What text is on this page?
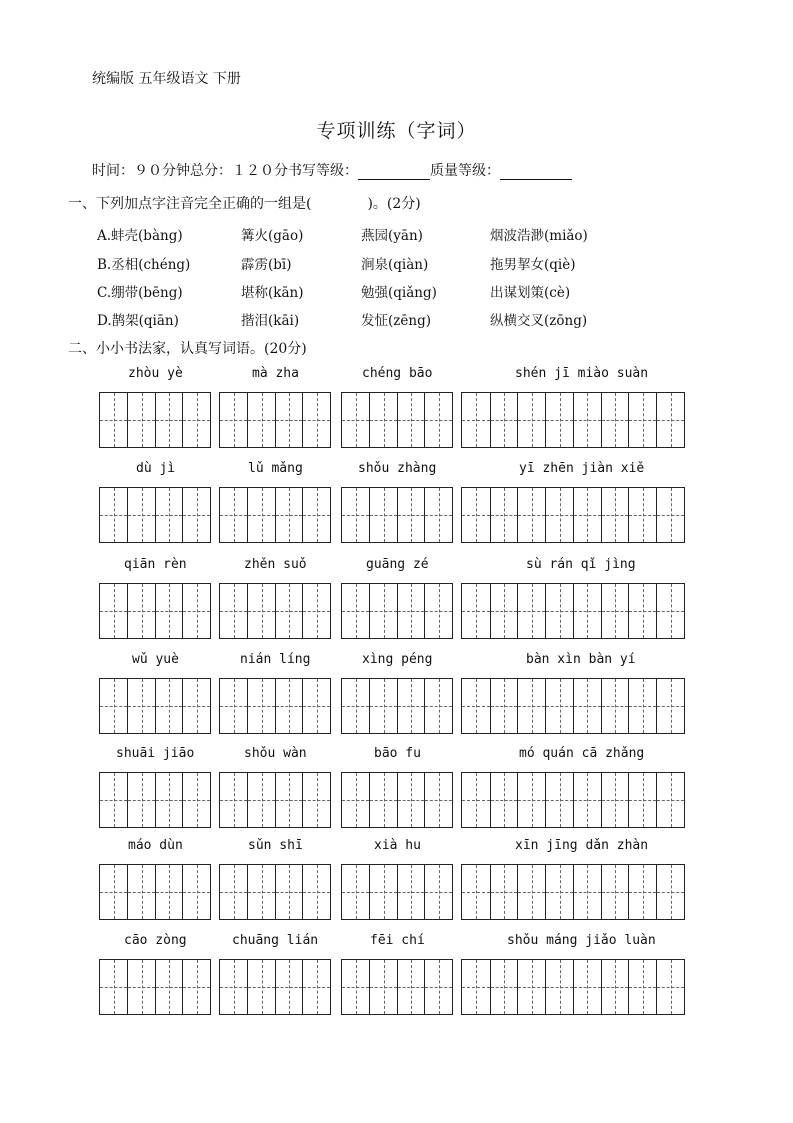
统编版 五年级语文 下册
专项训练（字词）
时间：９０分钟总分：１２０分书写等级：	质量等级：
一、下列加点字注音完全正确的一组是(　　　　)。(2分)
A.蚌壳(bàng)	篝火(gāo)	燕园(yān)	烟波浩渺(miǎo)
B.丞相(chéng)	霹雳(bī)	涧泉(qiàn)	拖男挈女(qiè)
C.绷带(bēng)	堪称(kān)	勉强(qiǎng)	出谋划策(cè)
D.鹊架(qiān)	揩泪(kāi)	发怔(zēng)	纵横交叉(zōng)
二、小小书法家，认真写词语。(20分)
zhòu yè	mà zha	chéng bāo	shén jī miào suàn
dù jì	lǔ mǎng	shǒu zhàng	yī zhēn jiàn xiě
qiān rèn	zhěn suǒ	guāng zé	sù rán qǐ jìng
wǔ yuè	nián líng	xìng péng	bàn xìn bàn yí
shuāi jiāo	shǒu wàn	bāo fu	mó quán cā zhǎng
máo dùn	sǔn shī	xià hu	xīn jīng dǎn zhàn
cāo zòng	chuāng lián	fēi chí	shǒu máng jiǎo luàn
